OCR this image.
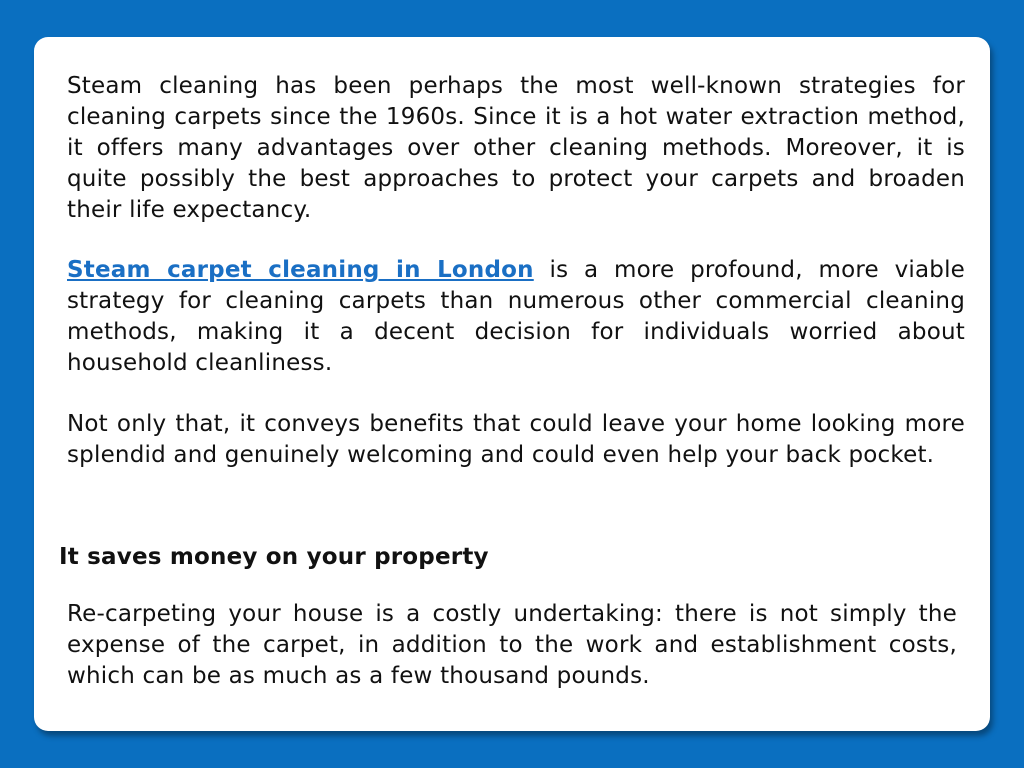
Steam cleaning has been perhaps the most well-known strategies for cleaning carpets since the 1960s. Since it is a hot water extraction method, it offers many advantages over other cleaning methods. Moreover, it is quite possibly the best approaches to protect your carpets and broaden their life expectancy.

Steam carpet cleaning in London is a more profound, more viable strategy for cleaning carpets than numerous other commercial cleaning methods, making it a decent decision for individuals worried about household cleanliness.

Not only that, it conveys benefits that could leave your home looking more splendid and genuinely welcoming and could even help your back pocket.

It saves money on your property

Re-carpeting your house is a costly undertaking: there is not simply the expense of the carpet, in addition to the work and establishment costs, which can be as much as a few thousand pounds.
